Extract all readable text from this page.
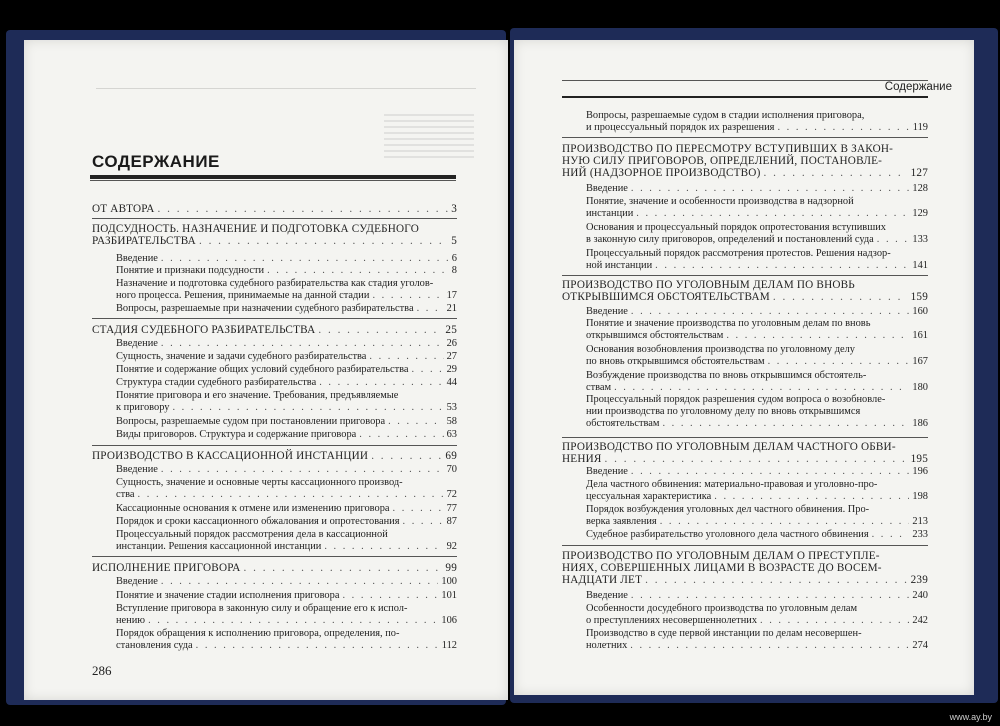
СОДЕРЖАНИЕ
286
ОТ АВТОРА . . .	3
ПОДСУДНОСТЬ. НАЗНАЧЕНИЕ И ПОДГОТОВКА СУДЕБНОГО
РАЗБИРАТЕЛЬСТВА . . .	5
Введение . . .	6
Понятие и признаки подсудности . . .	8
Назначение и подготовка судебного разбирательства как стадия уголов-
ного процесса. Решения, принимаемые на данной стадии . . .	17
Вопросы, разрешаемые при назначении судебного разбирательства . . .	21
СТАДИЯ СУДЕБНОГО РАЗБИРАТЕЛЬСТВА . . .	25
Введение . . .	26
Сущность, значение и задачи судебного разбирательства . . .	27
Понятие и содержание общих условий судебного разбирательства . . .	29
Структура стадии судебного разбирательства . . .	44
Понятие приговора и его значение. Требования, предъявляемые
к приговору . . .	53
Вопросы, разрешаемые судом при постановлении приговора . . .	58
Виды приговоров. Структура и содержание приговора . . .	63
ПРОИЗВОДСТВО В КАССАЦИОННОЙ ИНСТАНЦИИ . . .	69
Введение . . .	70
Сущность, значение и основные черты кассационного производ-
ства . . .	72
Кассационные основания к отмене или изменению приговора . . .	77
Порядок и сроки кассационного обжалования и опротестования . . .	87
Процессуальный порядок рассмотрения дела в кассационной
инстанции. Решения кассационной инстанции . . .	92
ИСПОЛНЕНИЕ ПРИГОВОРА . . .	99
Введение . . .	100
Понятие и значение стадии исполнения приговора . . .	101
Вступление приговора в законную силу и обращение его к испол-
нению . . .	106
Порядок обращения к исполнению приговора, определения, по-
становления суда . . .	112
Содержание
Вопросы, разрешаемые судом в стадии исполнения приговора,
и процессуальный порядок их разрешения . . .	119
ПРОИЗВОДСТВО ПО ПЕРЕСМОТРУ ВСТУПИВШИХ В ЗАКОН-
НУЮ СИЛУ ПРИГОВОРОВ, ОПРЕДЕЛЕНИЙ, ПОСТАНОВЛЕ-
НИЙ (НАДЗОРНОЕ ПРОИЗВОДСТВО) . . .	127
Введение . . .	128
Понятие, значение и особенности производства в надзорной
инстанции . . .	129
Основания и процессуальный порядок опротестования вступивших
в законную силу приговоров, определений и постановлений суда . . .	133
Процессуальный порядок рассмотрения протестов. Решения надзор-
ной инстанции . . .	141
ПРОИЗВОДСТВО ПО УГОЛОВНЫМ ДЕЛАМ ПО ВНОВЬ
ОТКРЫВШИМСЯ ОБСТОЯТЕЛЬСТВАМ . . .	159
Введение . . .	160
Понятие и значение производства по уголовным делам по вновь
открывшимся обстоятельствам . . .	161
Основания возобновления производства по уголовному делу
по вновь открывшимся обстоятельствам . . .	167
Возбуждение производства по вновь открывшимся обстоятель-
ствам . . .	180
Процессуальный порядок разрешения судом вопроса о возобновле-
нии производства по уголовному делу по вновь открывшимся
обстоятельствам . . .	186
ПРОИЗВОДСТВО ПО УГОЛОВНЫМ ДЕЛАМ ЧАСТНОГО ОБВИ-
НЕНИЯ . . .	195
Введение . . .	196
Дела частного обвинения: материально-правовая и уголовно-про-
цессуальная характеристика . . .	198
Порядок возбуждения уголовных дел частного обвинения. Про-
верка заявления . . .	213
Судебное разбирательство уголовного дела частного обвинения . . .	233
ПРОИЗВОДСТВО ПО УГОЛОВНЫМ ДЕЛАМ О ПРЕСТУПЛЕ-
НИЯХ, СОВЕРШЕННЫХ ЛИЦАМИ В ВОЗРАСТЕ ДО ВОСЕМ-
НАДЦАТИ ЛЕТ . . .	239
Введение . . .	240
Особенности досудебного производства по уголовным делам
о преступлениях несовершеннолетних . . .	242
Производство в суде первой инстанции по делам несовершен-
нолетних . . .	274
www.ay.by
